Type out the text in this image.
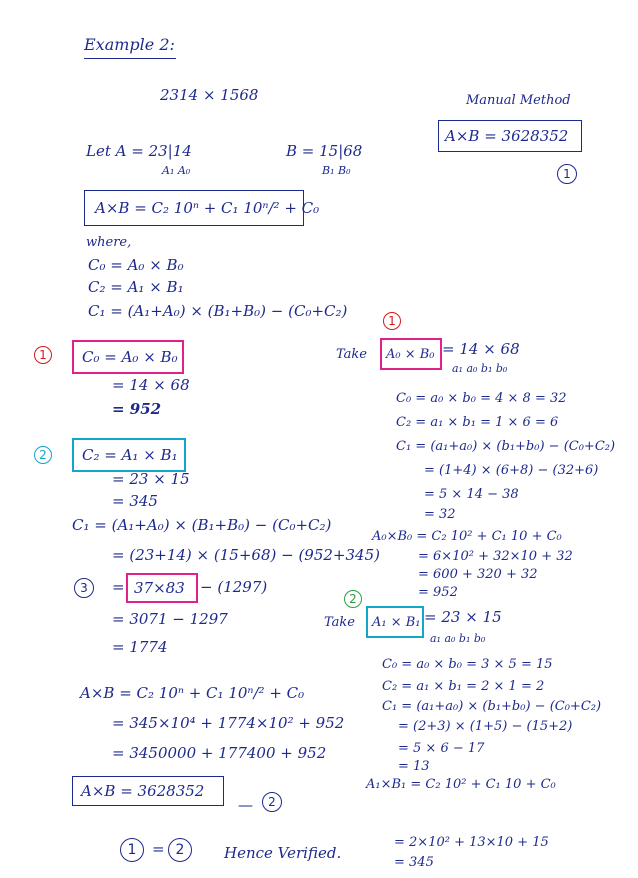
Example 2:
2314 × 1568	Manual Method
A×B = 3628352
1
Let A = 23|14
A₁ A₀
B = 15|68
B₁ B₀
A×B = C₂ 10ⁿ + C₁ 10ⁿ/² + C₀
where,
C₀ = A₀ × B₀
C₂ = A₁ × B₁
C₁ = (A₁+A₀) × (B₁+B₀) − (C₀+C₂)
1	C₀ = A₀ × B₀
= 14 × 68
= 952
2	C₂ = A₁ × B₁
= 23 × 15
= 345
C₁ = (A₁+A₀) × (B₁+B₀) − (C₀+C₂)
= (23+14) × (15+68) − (952+345)
3	= 37×83 − (1297)
= 3071 − 1297
= 1774
A×B = C₂ 10ⁿ + C₁ 10ⁿ/² + C₀
= 345×10⁴ + 1774×10² + 952
= 3450000 + 177400 + 952
A×B = 3628352
—	2
1
Take A₀ × B₀ = 14 × 68
a₁ a₀ b₁ b₀
C₀ = a₀ × b₀ = 4 × 8 = 32
C₂ = a₁ × b₁ = 1 × 6 = 6
C₁ = (a₁+a₀) × (b₁+b₀) − (C₀+C₂)
= (1+4) × (6+8) − (32+6)
= 5 × 14 − 38
= 32
A₀×B₀ = C₂ 10² + C₁ 10 + C₀
= 6×10² + 32×10 + 32
= 600 + 320 + 32
= 952
2
Take A₁ × B₁ = 23 × 15
a₁ a₀ b₁ b₀
C₀ = a₀ × b₀ = 3 × 5 = 15
C₂ = a₁ × b₁ = 2 × 1 = 2
C₁ = (a₁+a₀) × (b₁+b₀) − (C₀+C₂)
= (2+3) × (1+5) − (15+2)
= 5 × 6 − 17
= 13
A₁×B₁ = C₂ 10² + C₁ 10 + C₀
= 2×10² + 13×10 + 15
= 345
1	= 2	Hence Verified.
